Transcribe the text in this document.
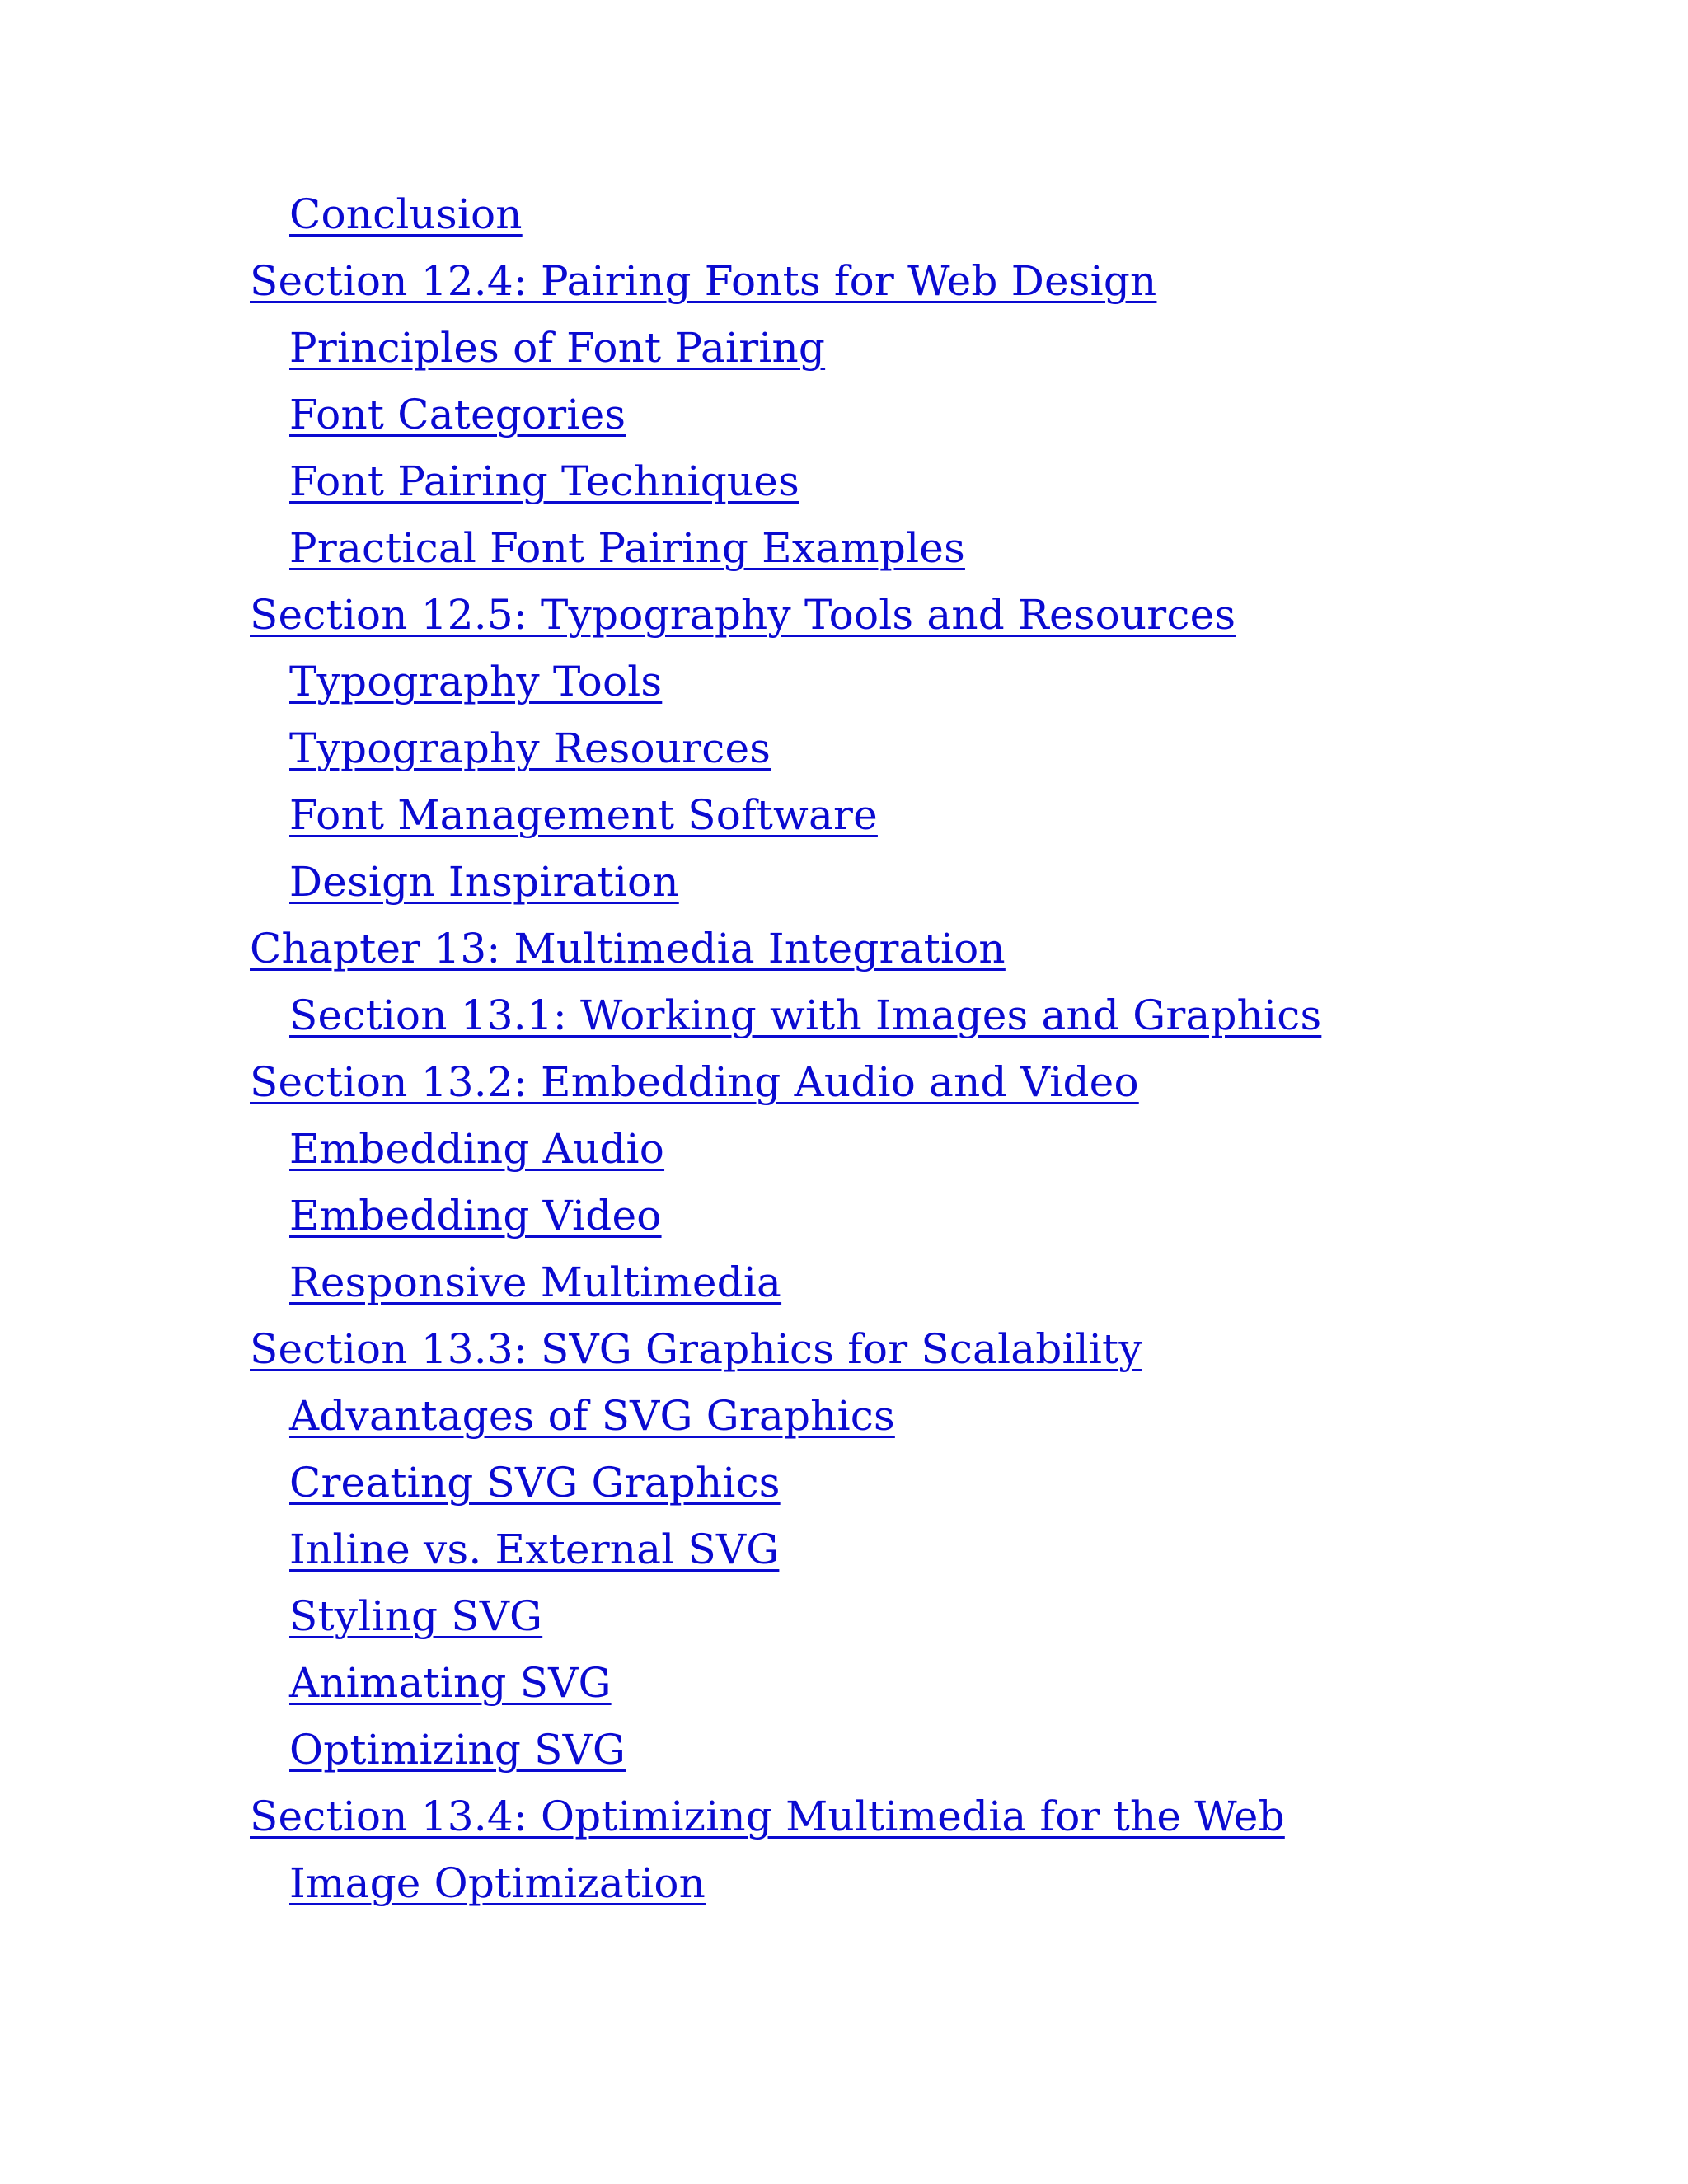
Conclusion
Section 12.4: Pairing Fonts for Web Design
Principles of Font Pairing
Font Categories
Font Pairing Techniques
Practical Font Pairing Examples
Section 12.5: Typography Tools and Resources
Typography Tools
Typography Resources
Font Management Software
Design Inspiration
Chapter 13: Multimedia Integration
Section 13.1: Working with Images and Graphics
Section 13.2: Embedding Audio and Video
Embedding Audio
Embedding Video
Responsive Multimedia
Section 13.3: SVG Graphics for Scalability
Advantages of SVG Graphics
Creating SVG Graphics
Inline vs. External SVG
Styling SVG
Animating SVG
Optimizing SVG
Section 13.4: Optimizing Multimedia for the Web
Image Optimization
